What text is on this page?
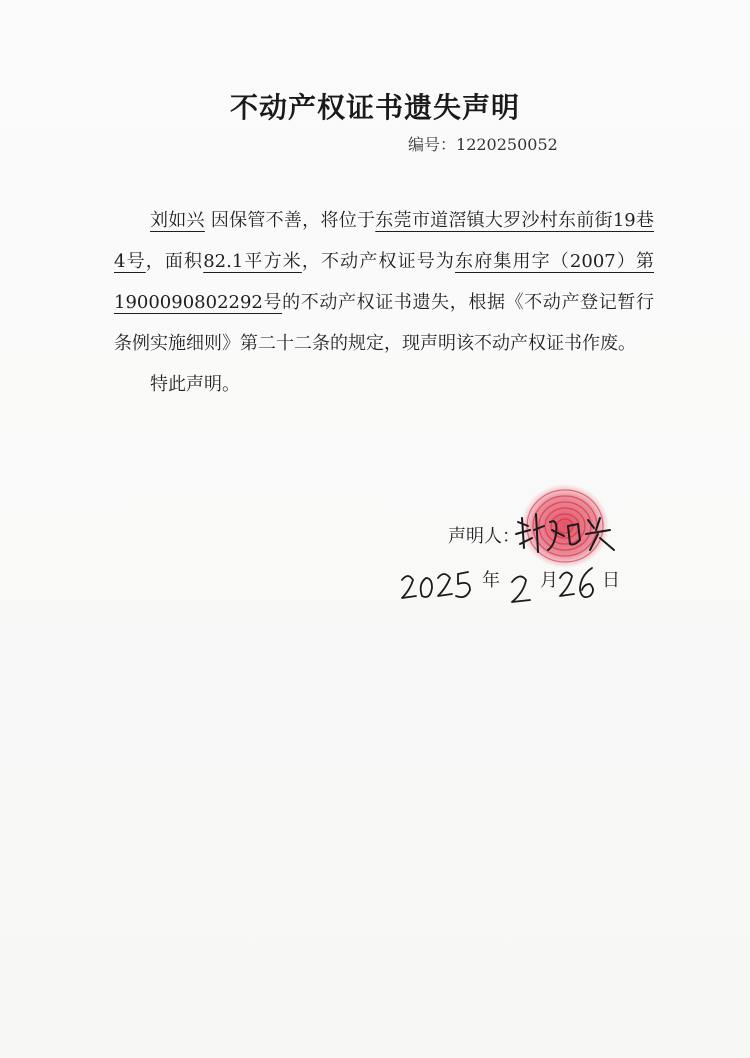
不动产权证书遗失声明
编号：1220250052

刘如兴 因保管不善，将位于东莞市道滘镇大罗沙村东前街19巷4号，面积82.1平方米，不动产权证号为东府集用字（2007）第1900090802292号的不动产权证书遗失，根据《不动产登记暂行条例实施细则》第二十二条的规定，现声明该不动产权证书作废。

特此声明。

声明人：
年 月 日
